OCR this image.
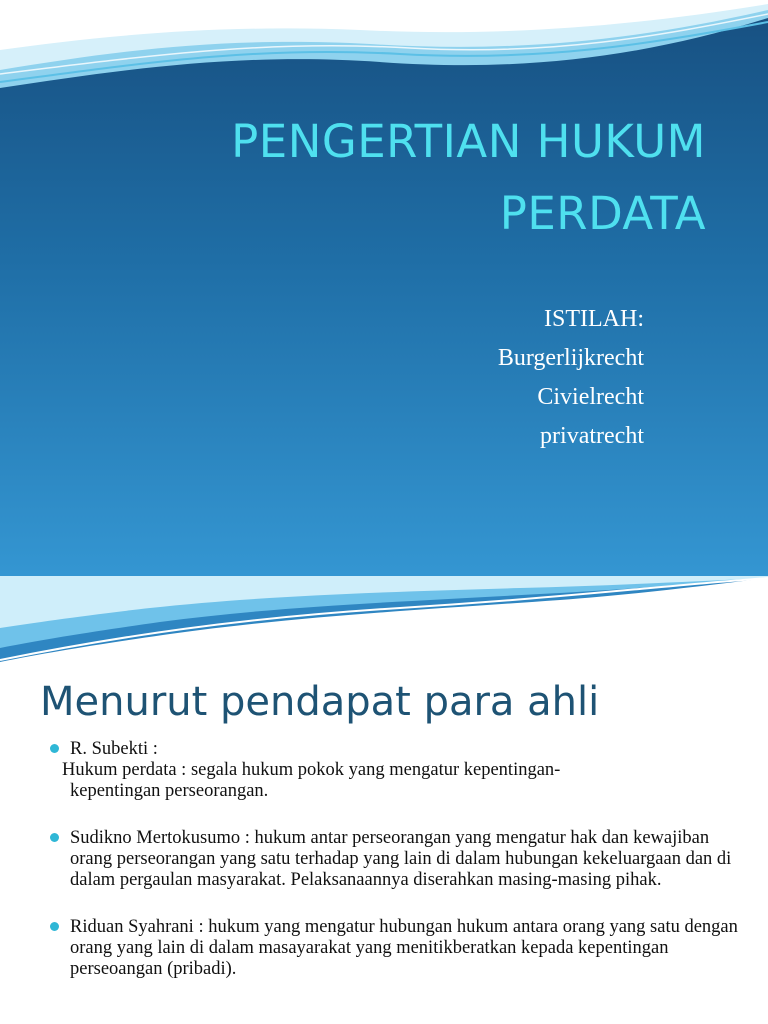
PENGERTIAN HUKUM
PERDATA
ISTILAH:
Burgerlijkrecht
Civielrecht
privatrecht
Menurut pendapat para ahli
R. Subekti :
Hukum perdata : segala hukum pokok yang mengatur kepentingan-
kepentingan perseorangan.
Sudikno Mertokusumo : hukum antar perseorangan yang mengatur hak dan kewajiban orang perseorangan yang satu terhadap yang lain di dalam hubungan kekeluargaan dan di dalam pergaulan masyarakat. Pelaksanaannya diserahkan masing-masing pihak.
Riduan Syahrani : hukum yang mengatur hubungan hukum antara orang yang satu dengan orang yang lain di dalam masayarakat yang menitikberatkan kepada kepentingan perseoangan (pribadi).
